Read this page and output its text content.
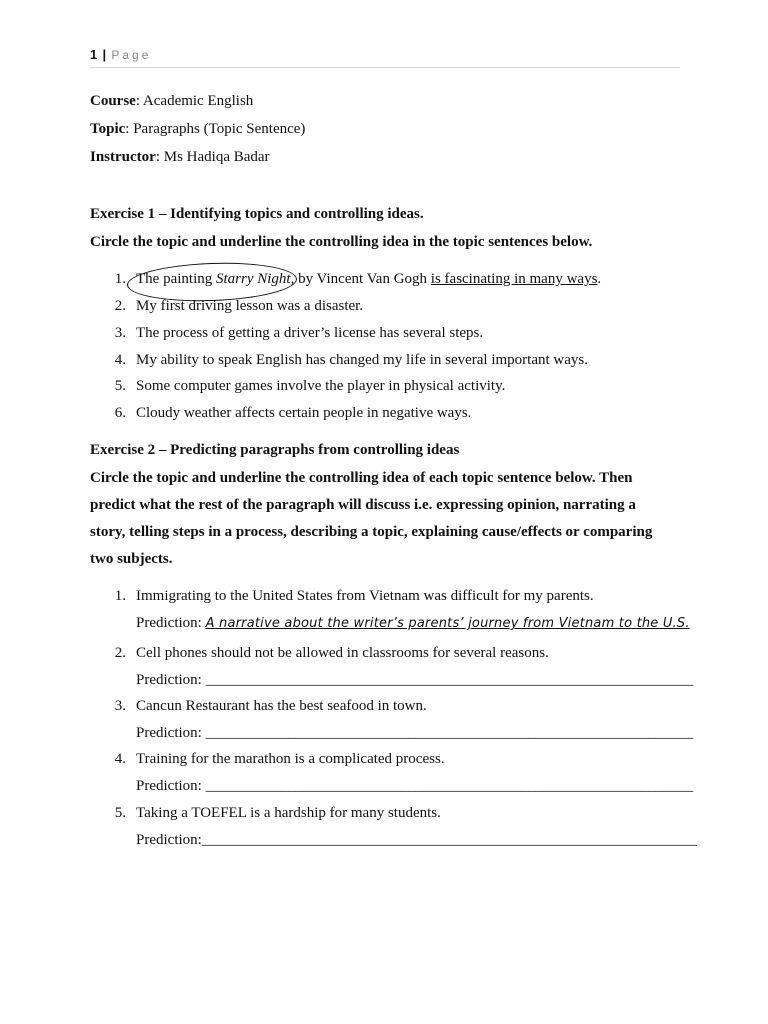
1 | Page
Course: Academic English
Topic: Paragraphs (Topic Sentence)
Instructor: Ms Hadiqa Badar
Exercise 1 – Identifying topics and controlling ideas.
Circle the topic and underline the controlling idea in the topic sentences below.
1. The painting Starry Night, by Vincent Van Gogh is fascinating in many ways.
2. My first driving lesson was a disaster.
3. The process of getting a driver’s license has several steps.
4. My ability to speak English has changed my life in several important ways.
5. Some computer games involve the player in physical activity.
6. Cloudy weather affects certain people in negative ways.
Exercise 2 – Predicting paragraphs from controlling ideas
Circle the topic and underline the controlling idea of each topic sentence below. Then
predict what the rest of the paragraph will discuss i.e. expressing opinion, narrating a
story, telling steps in a process, describing a topic, explaining cause/effects or comparing
two subjects.
1. Immigrating to the United States from Vietnam was difficult for my parents.
Prediction: A narrative about the writer’s parents’ journey from Vietnam to the U.S.
2. Cell phones should not be allowed in classrooms for several reasons.
Prediction: _________________________________________________________________
3. Cancun Restaurant has the best seafood in town.
Prediction: _________________________________________________________________
4. Training for the marathon is a complicated process.
Prediction: _________________________________________________________________
5. Taking a TOEFEL is a hardship for many students.
Prediction:__________________________________________________________________
